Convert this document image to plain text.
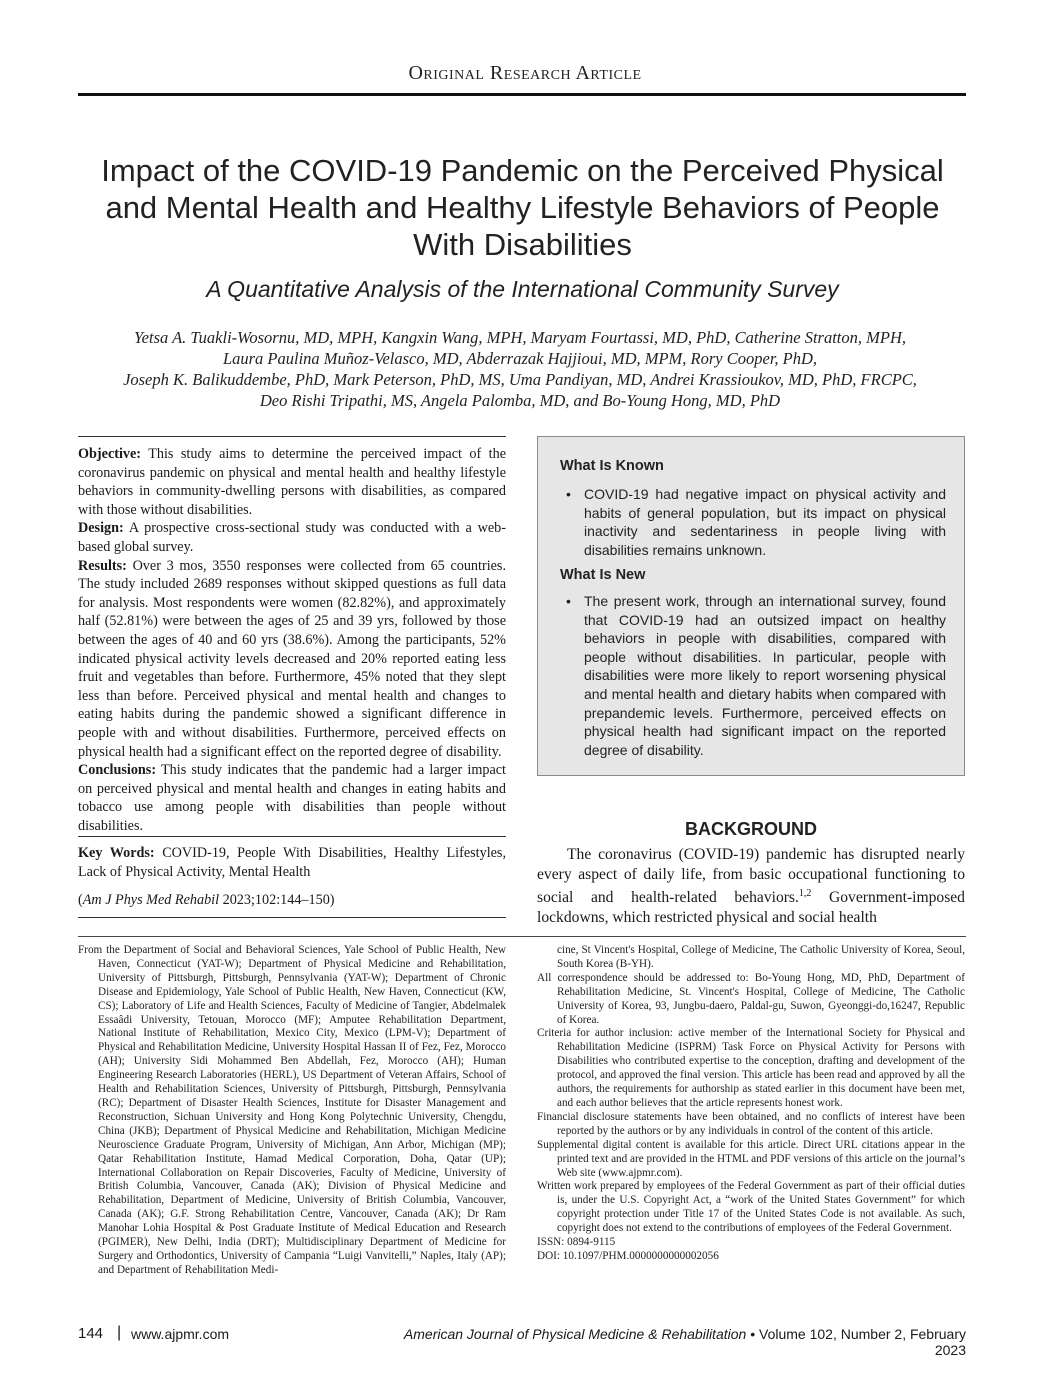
Original Research Article
Impact of the COVID-19 Pandemic on the Perceived Physical and Mental Health and Healthy Lifestyle Behaviors of People With Disabilities
A Quantitative Analysis of the International Community Survey

Yetsa A. Tuakli-Wosornu, MD, MPH, Kangxin Wang, MPH, Maryam Fourtassi, MD, PhD, Catherine Stratton, MPH,

Laura Paulina Muñoz-Velasco, MD, Abderrazak Hajjioui, MD, MPM, Rory Cooper, PhD,

Joseph K. Balikuddembe, PhD, Mark Peterson, PhD, MS, Uma Pandiyan, MD, Andrei Krassioukov, MD, PhD, FRCPC,

Deo Rishi Tripathi, MS, Angela Palomba, MD, and Bo-Young Hong, MD, PhD

Objective: This study aims to determine the perceived impact of the coronavirus pandemic on physical and mental health and healthy lifestyle behaviors in community-dwelling persons with disabilities, as compared with those without disabilities.

Design: A prospective cross-sectional study was conducted with a web-based global survey.

Results: Over 3 mos, 3550 responses were collected from 65 countries. The study included 2689 responses without skipped questions as full data for analysis. Most respondents were women (82.82%), and approximately half (52.81%) were between the ages of 25 and 39 yrs, followed by those between the ages of 40 and 60 yrs (38.6%). Among the participants, 52% indicated physical activity levels decreased and 20% reported eating less fruit and vegetables than before. Furthermore, 45% noted that they slept less than before. Perceived physical and mental health and changes to eating habits during the pandemic showed a significant difference in people with and without disabilities. Furthermore, perceived effects on physical health had a significant effect on the reported degree of disability.

Conclusions: This study indicates that the pandemic had a larger impact on perceived physical and mental health and changes in eating habits and tobacco use among people with disabilities than people without disabilities.

Key Words: COVID-19, People With Disabilities, Healthy Lifestyles, Lack of Physical Activity, Mental Health
(Am J Phys Med Rehabil 2023;102:144–150)
What Is Known
• COVID-19 had negative impact on physical activity and habits of general population, but its impact on physical inactivity and sedentariness in people living with disabilities remains unknown.
What Is New
• The present work, through an international survey, found that COVID-19 had an outsized impact on healthy behaviors in people with disabilities, compared with people without disabilities. In particular, people with disabilities were more likely to report worsening physical and mental health and dietary habits when compared with prepandemic levels. Furthermore, perceived effects on physical health had significant impact on the reported degree of disability.
BACKGROUND
The coronavirus (COVID-19) pandemic has disrupted nearly every aspect of daily life, from basic occupational functioning to social and health-related behaviors.$^{1,2}$ Government-imposed lockdowns, which restricted physical and social health

From the Department of Social and Behavioral Sciences, Yale School of Public Health, New Haven, Connecticut (YAT-W); Department of Physical Medicine and Rehabilitation, University of Pittsburgh, Pittsburgh, Pennsylvania (YAT-W); Department of Chronic Disease and Epidemiology, Yale School of Public Health, New Haven, Connecticut (KW, CS); Laboratory of Life and Health Sciences, Faculty of Medicine of Tangier, Abdelmalek Essaâdi University, Tetouan, Morocco (MF); Amputee Rehabilitation Department, National Institute of Rehabilitation, Mexico City, Mexico (LPM-V); Department of Physical and Rehabilitation Medicine, University Hospital Hassan II of Fez, Fez, Morocco (AH); University Sidi Mohammed Ben Abdellah, Fez, Morocco (AH); Human Engineering Research Laboratories (HERL), US Department of Veteran Affairs, School of Health and Rehabilitation Sciences, University of Pittsburgh, Pittsburgh, Pennsylvania (RC); Department of Disaster Health Sciences, Institute for Disaster Management and Reconstruction, Sichuan University and Hong Kong Polytechnic University, Chengdu, China (JKB); Department of Physical Medicine and Rehabilitation, Michigan Medicine Neuroscience Graduate Program, University of Michigan, Ann Arbor, Michigan (MP); Qatar Rehabilitation Institute, Hamad Medical Corporation, Doha, Qatar (UP); International Collaboration on Repair Discoveries, Faculty of Medicine, University of British Columbia, Vancouver, Canada (AK); Division of Physical Medicine and Rehabilitation, Department of Medicine, University of British Columbia, Vancouver, Canada (AK); G.F. Strong Rehabilitation Centre, Vancouver, Canada (AK); Dr Ram Manohar Lohia Hospital & Post Graduate Institute of Medical Education and Research (PGIMER), New Delhi, India (DRT); Multidisciplinary Department of Medicine for Surgery and Orthodontics, University of Campania “Luigi Vanvitelli,” Naples, Italy (AP); and Department of Rehabilitation Medi-

cine, St Vincent's Hospital, College of Medicine, The Catholic University of Korea, Seoul, South Korea (B-YH).

All correspondence should be addressed to: Bo-Young Hong, MD, PhD, Department of Rehabilitation Medicine, St. Vincent's Hospital, College of Medicine, The Catholic University of Korea, 93, Jungbu-daero, Paldal-gu, Suwon, Gyeonggi-do,16247, Republic of Korea.

Criteria for author inclusion: active member of the International Society for Physical and Rehabilitation Medicine (ISPRM) Task Force on Physical Activity for Persons with Disabilities who contributed expertise to the conception, drafting and development of the protocol, and approved the final version. This article has been read and approved by all the authors, the requirements for authorship as stated earlier in this document have been met, and each author believes that the article represents honest work.

Financial disclosure statements have been obtained, and no conflicts of interest have been reported by the authors or by any individuals in control of the content of this article.

Supplemental digital content is available for this article. Direct URL citations appear in the printed text and are provided in the HTML and PDF versions of this article on the journal’s Web site (www.ajpmr.com).

Written work prepared by employees of the Federal Government as part of their official duties is, under the U.S. Copyright Act, a “work of the United States Government” for which copyright protection under Title 17 of the United States Code is not available. As such, copyright does not extend to the contributions of employees of the Federal Government.

ISSN: 0894-9115

DOI: 10.1097/PHM.0000000000002056

144 | www.ajpmr.com	American Journal of Physical Medicine & Rehabilitation • Volume 102, Number 2, February 2023
